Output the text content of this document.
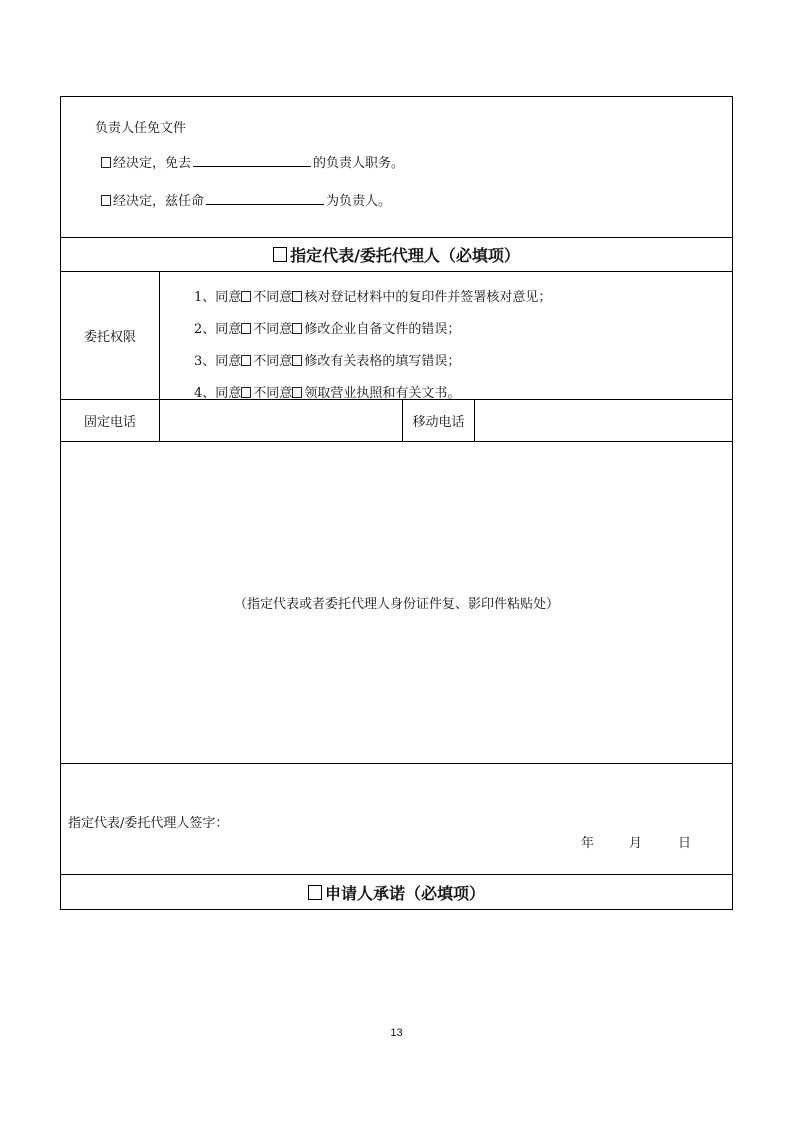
负责人任免文件
经决定，免去	的负责人职务。
经决定，兹任命	为负责人。
指定代表/委托代理人（必填项）
委托权限
1、同意 不同意 核对登记材料中的复印件并签署核对意见；
2、同意 不同意 修改企业自备文件的错误；
3、同意 不同意 修改有关表格的填写错误；
4、同意 不同意 领取营业执照和有关文书。
固定电话	移动电话
（指定代表或者委托代理人身份证件复、影印件粘贴处）
指定代表/委托代理人签字：
年	月	日
申请人承诺（必填项）
13
